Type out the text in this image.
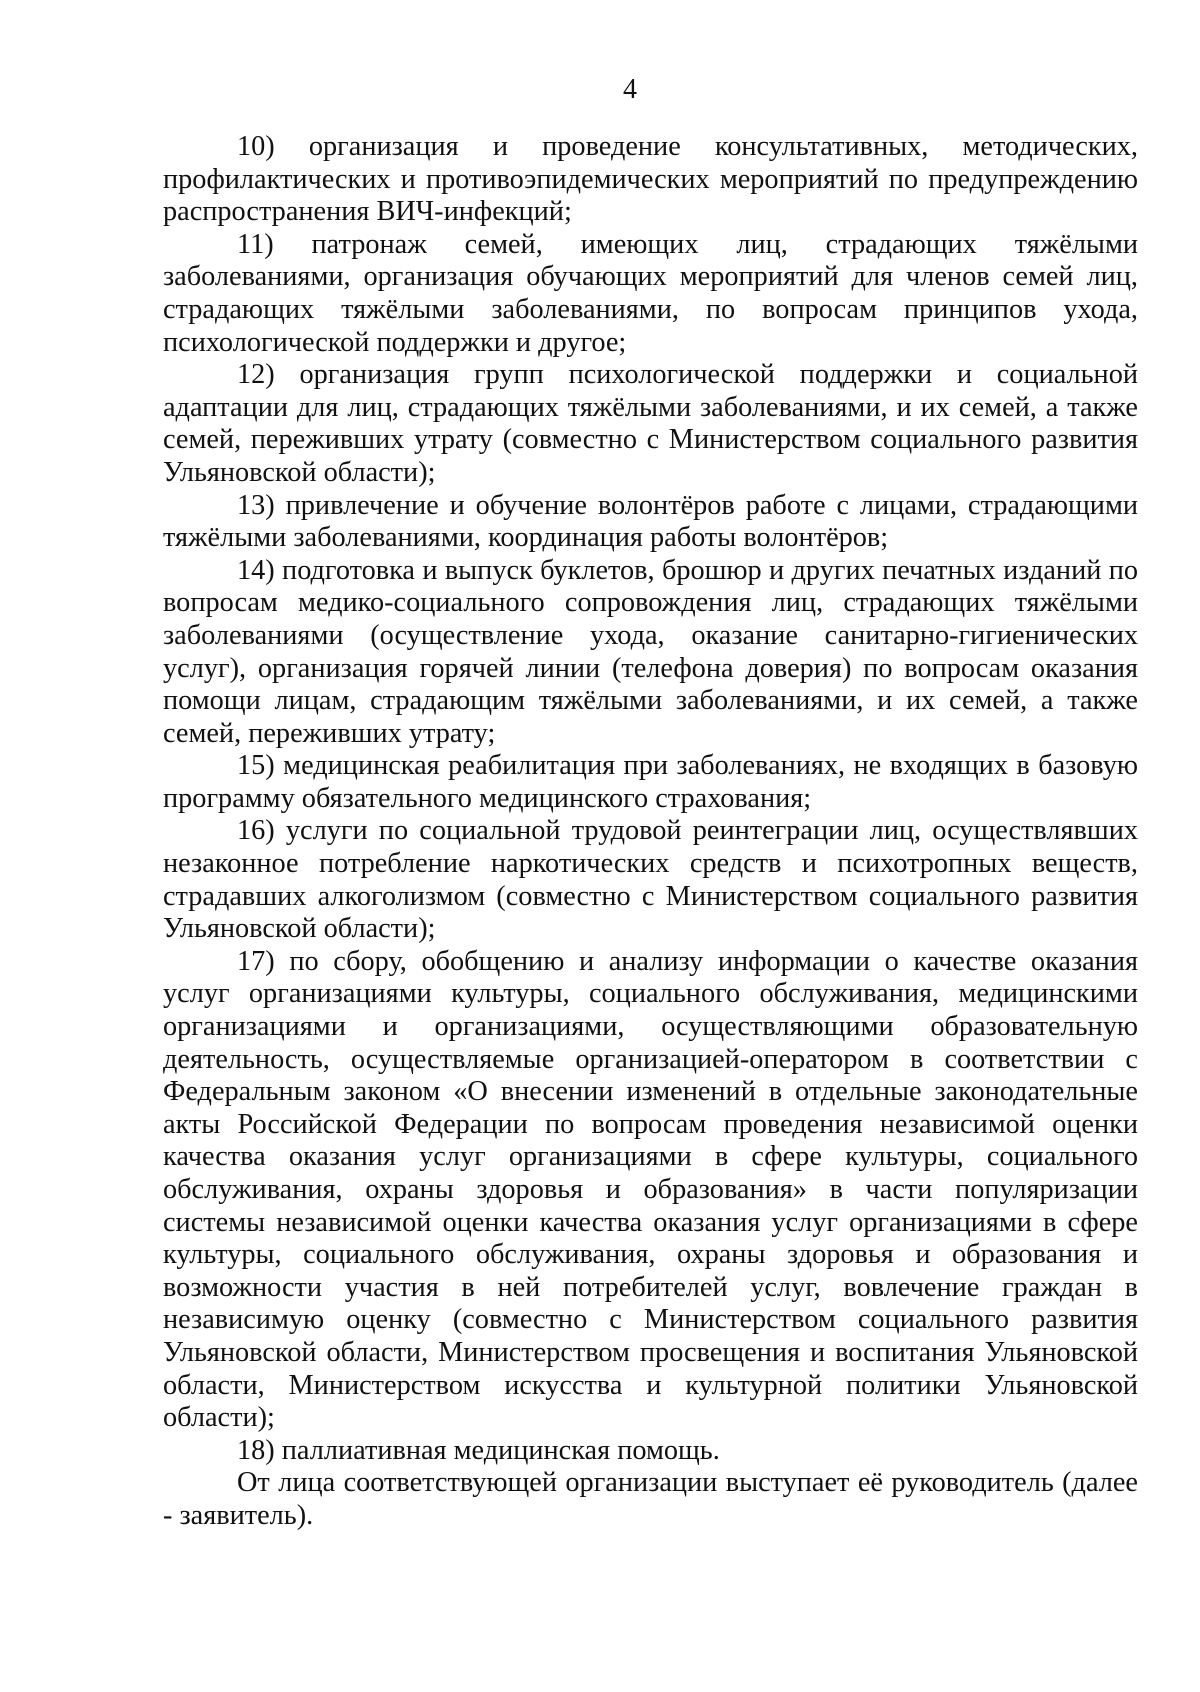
4

10) организация и проведение консультативных, методических, профилактических и противоэпидемических мероприятий по предупреждению распространения ВИЧ-инфекций;

11) патронаж семей, имеющих лиц, страдающих тяжёлыми заболеваниями, организация обучающих мероприятий для членов семей лиц, страдающих тяжёлыми заболеваниями, по вопросам принципов ухода, психологической поддержки и другое;

12) организация групп психологической поддержки и социальной адаптации для лиц, страдающих тяжёлыми заболеваниями, и их семей, а также семей, переживших утрату (совместно с Министерством социального развития Ульяновской области);

13) привлечение и обучение волонтёров работе с лицами, страдающими тяжёлыми заболеваниями, координация работы волонтёров;

14) подготовка и выпуск буклетов, брошюр и других печатных изданий по вопросам медико-социального сопровождения лиц, страдающих тяжёлыми заболеваниями (осуществление ухода, оказание санитарно-гигиенических услуг), организация горячей линии (телефона доверия) по вопросам оказания помощи лицам, страдающим тяжёлыми заболеваниями, и их семей, а также семей, переживших утрату;

15) медицинская реабилитация при заболеваниях, не входящих в базовую программу обязательного медицинского страхования;

16) услуги по социальной трудовой реинтеграции лиц, осуществлявших незаконное потребление наркотических средств и психотропных веществ, страдавших алкоголизмом (совместно с Министерством социального развития Ульяновской области);

17) по сбору, обобщению и анализу информации о качестве оказания услуг организациями культуры, социального обслуживания, медицинскими организациями и организациями, осуществляющими образовательную деятельность, осуществляемые организацией-оператором в соответствии с Федеральным законом «О внесении изменений в отдельные законодательные акты Российской Федерации по вопросам проведения независимой оценки качества оказания услуг организациями в сфере культуры, социального обслуживания, охраны здоровья и образования» в части популяризации системы независимой оценки качества оказания услуг организациями в сфере культуры, социального обслуживания, охраны здоровья и образования и возможности участия в ней потребителей услуг, вовлечение граждан в независимую оценку (совместно с Министерством социального развития Ульяновской области, Министерством просвещения и воспитания Ульяновской области, Министерством искусства и культурной политики Ульяновской области);

18) паллиативная медицинская помощь.

От лица соответствующей организации выступает её руководитель (далее - заявитель).
